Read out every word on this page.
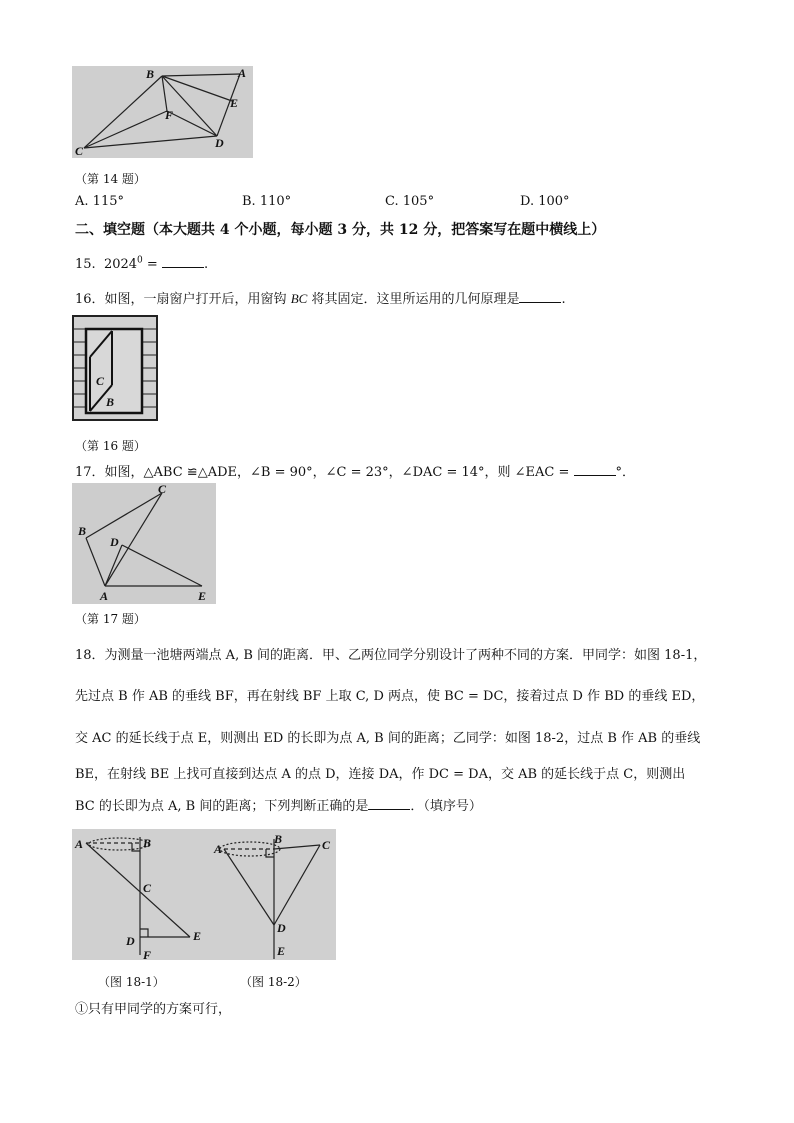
B	A
E
F
D
C
（第 14 题）
A. 115°	B. 110°	C. 105°	D. 100°
二、填空题（本大题共 4 个小题，每小题 3 分，共 12 分，把答案写在题中横线上）
15. $2024^0$ =	.
16．如图，一扇窗户打开后，用窗钩 BC 将其固定．这里所运用的几何原理是	.
C
B
（第 16 题）
17．如图，△ABC ≌△ADE，∠B = 90°，∠C = 23°，∠DAC = 14°，则 ∠EAC =	°．
C
B
D
A	E
（第 17 题）
18．为测量一池塘两端点 A, B 间的距离．甲、乙两位同学分别设计了两种不同的方案．甲同学：如图 18-1，
先过点 B 作 AB 的垂线 BF，再在射线 BF 上取 C, D 两点，使 BC = DC，接着过点 D 作 BD 的垂线 ED，
交 AC 的延长线于点 E，则测出 ED 的长即为点 A, B 间的距离；乙同学：如图 18-2，过点 B 作 AB 的垂线
BE，在射线 BE 上找可直接到达点 A 的点 D，连接 DA，作 DC = DA，交 AB 的延长线于点 C，则测出
BC 的长即为点 A, B 间的距离；下列判断正确的是	．（填序号）
A	B
C
D	E
F
A
B	C
D
E
（图 18-1）	（图 18-2）
①只有甲同学的方案可行，
